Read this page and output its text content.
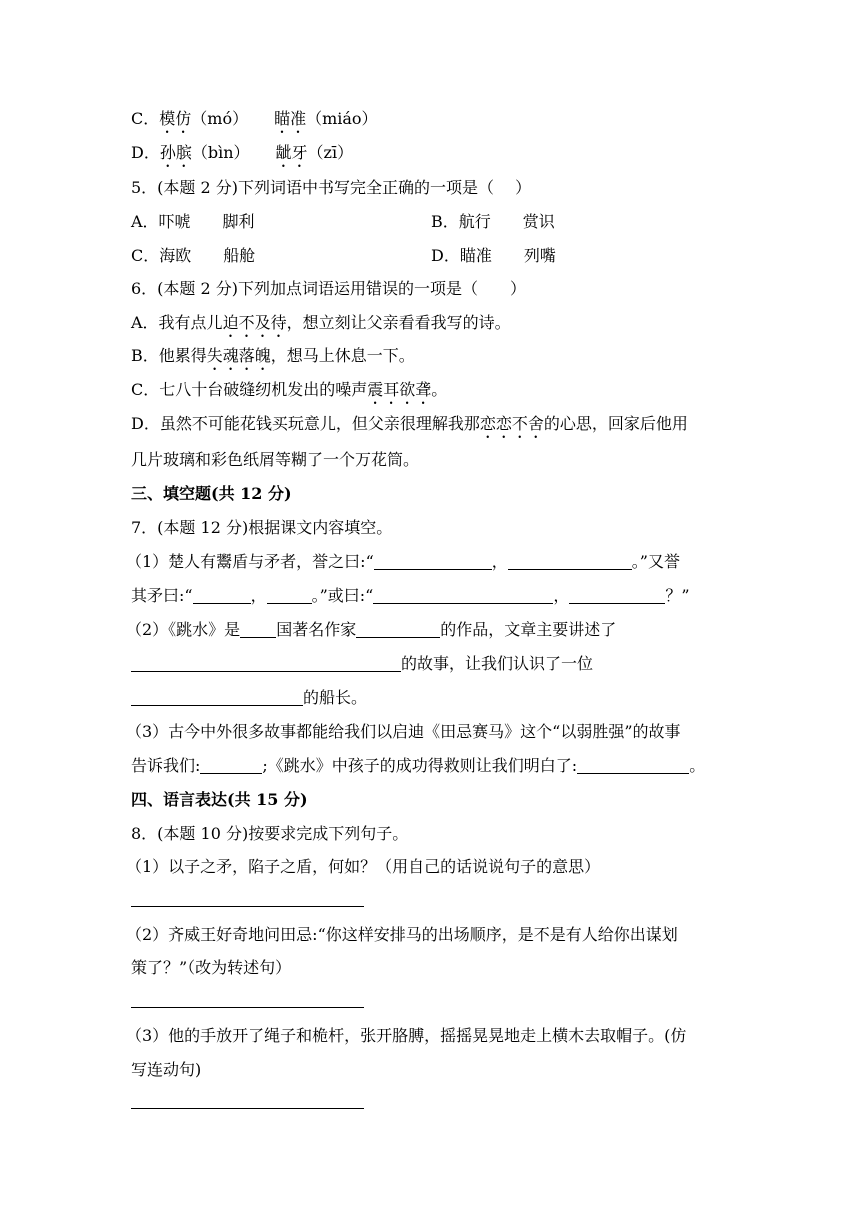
C．模仿（mó） 瞄准（miáo）
D．孙膑（bìn） 龇牙（zī）
5．(本题 2 分)下列词语中书写完全正确的一项是（　 ）
A．吓唬　　脚利	B．航行　　赏识
C．海欧　　船舱	D．瞄准　　列嘴
6．(本题 2 分)下列加点词语运用错误的一项是（　　）
A．我有点儿迫不及待，想立刻让父亲看看我写的诗。
B．他累得失魂落魄，想马上休息一下。
C．七八十台破缝纫机发出的噪声震耳欲聋。
D．虽然不可能花钱买玩意儿，但父亲很理解我那恋恋不舍的心思，回家后他用
几片玻璃和彩色纸屑等糊了一个万花筒。
三、填空题(共 12 分)
7．(本题 12 分)根据课文内容填空。
（1）楚人有鬻盾与矛者，誉之曰:“	，	。”又誉
其矛曰:“	，	。”或曰:“	，	？”
（2）《跳水》是 国著名作家	的作品，文章主要讲述了
的故事，让我们认识了一位
的船长。
（3）古今中外很多故事都能给我们以启迪《田忌赛马》这个“以弱胜强”的故事
告诉我们:	;《跳水》中孩子的成功得救则让我们明白了:	。
四、语言表达(共 15 分)
8．(本题 10 分)按要求完成下列句子。
（1）以子之矛，陷子之盾，何如？（用自己的话说说句子的意思）
（2）齐威王好奇地问田忌:“你这样安排马的出场顺序，是不是有人给你出谋划
策了？”（改为转述句）
（3）他的手放开了绳子和桅杆，张开胳膊，摇摇晃晃地走上横木去取帽子。(仿
写连动句)
